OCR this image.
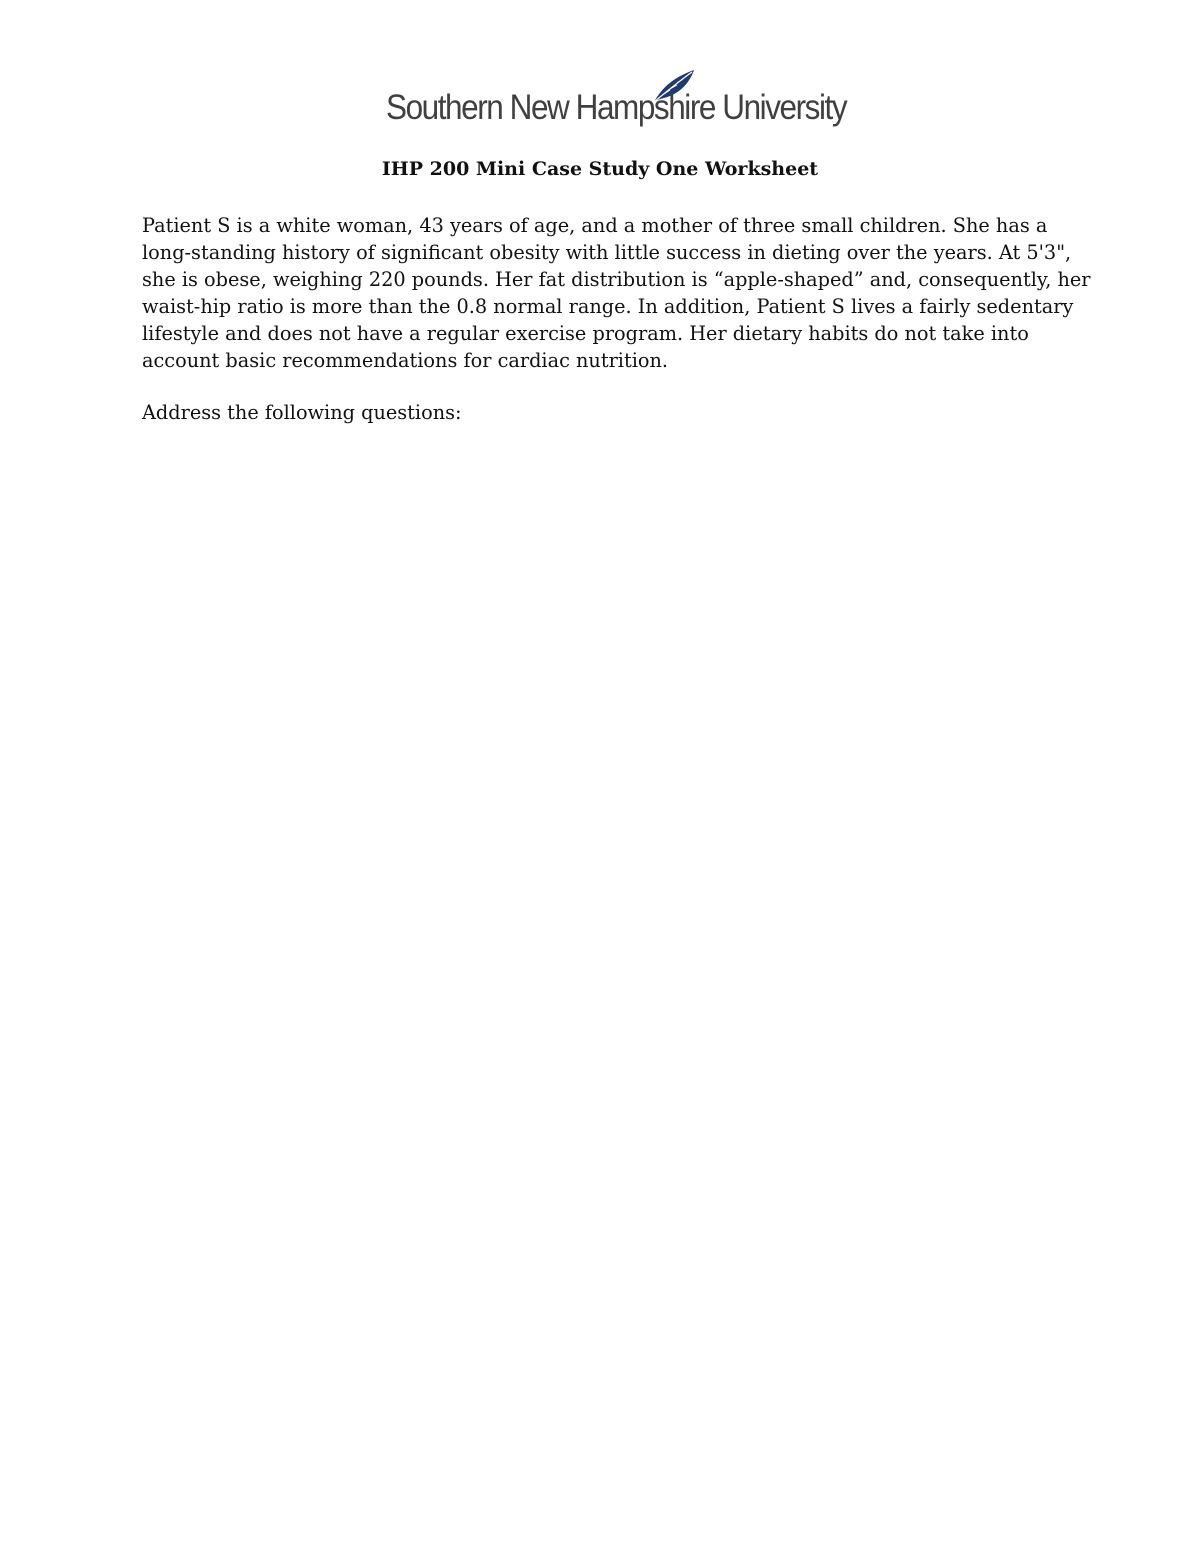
Southern New Hampshire University
IHP 200 Mini Case Study One Worksheet
Patient S is a white woman, 43 years of age, and a mother of three small children. She has a
long-standing history of significant obesity with little success in dieting over the years. At 5'3",
she is obese, weighing 220 pounds. Her fat distribution is “apple-shaped” and, consequently, her
waist-hip ratio is more than the 0.8 normal range. In addition, Patient S lives a fairly sedentary
lifestyle and does not have a regular exercise program. Her dietary habits do not take into
account basic recommendations for cardiac nutrition.
Address the following questions:
